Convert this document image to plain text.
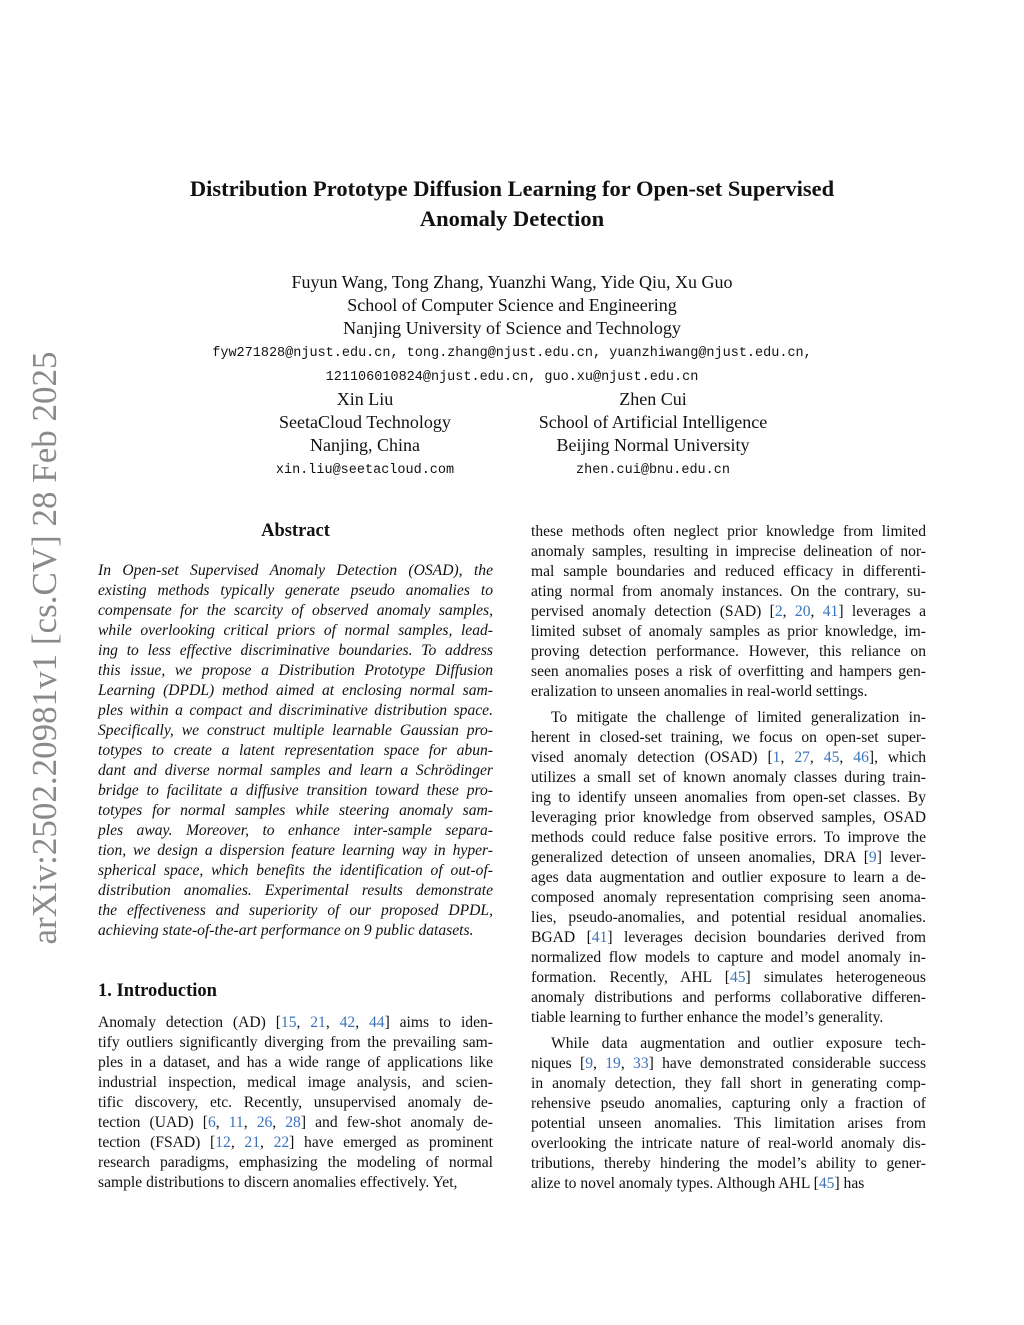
arXiv:2502.20981v1 [cs.CV] 28 Feb 2025
Distribution Prototype Diffusion Learning for Open-set Supervised
Anomaly Detection
Fuyun Wang, Tong Zhang, Yuanzhi Wang, Yide Qiu, Xu Guo
School of Computer Science and Engineering
Nanjing University of Science and Technology
fyw271828@njust.edu.cn, tong.zhang@njust.edu.cn, yuanzhiwang@njust.edu.cn,
121106010824@njust.edu.cn, guo.xu@njust.edu.cn
Xin Liu
SeetaCloud Technology
Nanjing, China
xin.liu@seetacloud.com
Zhen Cui
School of Artificial Intelligence
Beijing Normal University
zhen.cui@bnu.edu.cn
Abstract
In Open-set Supervised Anomaly Detection (OSAD), the
existing methods typically generate pseudo anomalies to
compensate for the scarcity of observed anomaly samples,
while overlooking critical priors of normal samples, lead-
ing to less effective discriminative boundaries. To address
this issue, we propose a Distribution Prototype Diffusion
Learning (DPDL) method aimed at enclosing normal sam-
ples within a compact and discriminative distribution space.
Specifically, we construct multiple learnable Gaussian pro-
totypes to create a latent representation space for abun-
dant and diverse normal samples and learn a Schrödinger
bridge to facilitate a diffusive transition toward these pro-
totypes for normal samples while steering anomaly sam-
ples away. Moreover, to enhance inter-sample separa-
tion, we design a dispersion feature learning way in hyper-
spherical space, which benefits the identification of out-of-
distribution anomalies. Experimental results demonstrate
the effectiveness and superiority of our proposed DPDL,
achieving state-of-the-art performance on 9 public datasets.
1. Introduction
Anomaly detection (AD) [15, 21, 42, 44] aims to iden-
tify outliers significantly diverging from the prevailing sam-
ples in a dataset, and has a wide range of applications like
industrial inspection, medical image analysis, and scien-
tific discovery, etc. Recently, unsupervised anomaly de-
tection (UAD) [6, 11, 26, 28] and few-shot anomaly de-
tection (FSAD) [12, 21, 22] have emerged as prominent
research paradigms, emphasizing the modeling of normal
sample distributions to discern anomalies effectively. Yet,
these methods often neglect prior knowledge from limited
anomaly samples, resulting in imprecise delineation of nor-
mal sample boundaries and reduced efficacy in differenti-
ating normal from anomaly instances. On the contrary, su-
pervised anomaly detection (SAD) [2, 20, 41] leverages a
limited subset of anomaly samples as prior knowledge, im-
proving detection performance. However, this reliance on
seen anomalies poses a risk of overfitting and hampers gen-
eralization to unseen anomalies in real-world settings.
To mitigate the challenge of limited generalization in-
herent in closed-set training, we focus on open-set super-
vised anomaly detection (OSAD) [1, 27, 45, 46], which
utilizes a small set of known anomaly classes during train-
ing to identify unseen anomalies from open-set classes. By
leveraging prior knowledge from observed samples, OSAD
methods could reduce false positive errors. To improve the
generalized detection of unseen anomalies, DRA [9] lever-
ages data augmentation and outlier exposure to learn a de-
composed anomaly representation comprising seen anoma-
lies, pseudo-anomalies, and potential residual anomalies.
BGAD [41] leverages decision boundaries derived from
normalized flow models to capture and model anomaly in-
formation. Recently, AHL [45] simulates heterogeneous
anomaly distributions and performs collaborative differen-
tiable learning to further enhance the model’s generality.
While data augmentation and outlier exposure tech-
niques [9, 19, 33] have demonstrated considerable success
in anomaly detection, they fall short in generating comp-
rehensive pseudo anomalies, capturing only a fraction of
potential unseen anomalies. This limitation arises from
overlooking the intricate nature of real-world anomaly dis-
tributions, thereby hindering the model’s ability to gener-
alize to novel anomaly types. Although AHL [45] has
